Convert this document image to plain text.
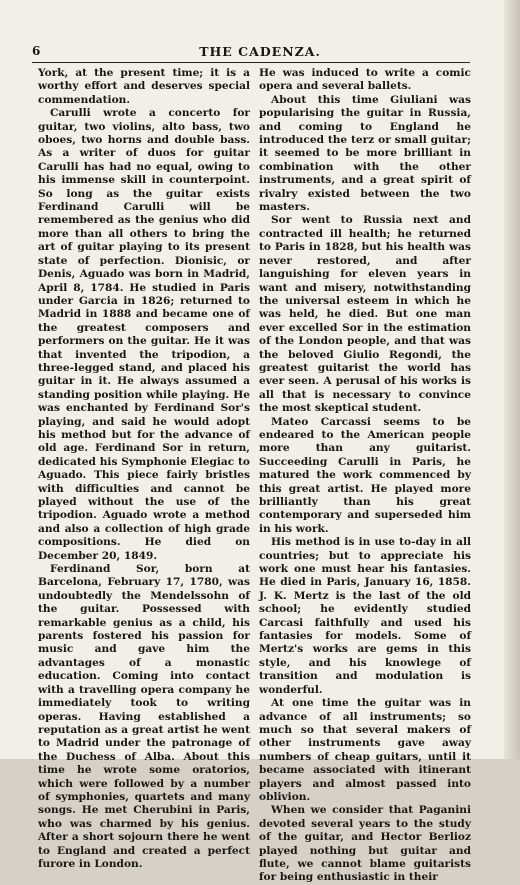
6	THE CADENZA.

York, at the present time; it is a worthy effort and deserves special commendation.

Carulli wrote a concerto for guitar, two violins, alto bass, two oboes, two horns and double bass. As a writer of duos for guitar Carulli has had no equal, owing to his immense skill in counterpoint. So long as the guitar exists Ferdinand Carulli will be remembered as the genius who did more than all others to bring the art of guitar playing to its present state of perfection. Dionisic, or Denis, Aguado was born in Madrid, April 8, 1784. He studied in Paris under Garcia in 1826; returned to Madrid in 1888 and became one of the greatest composers and performers on the guitar. He it was that invented the tripodion, a three-legged stand, and placed his guitar in it. He always assumed a standing position while playing. He was enchanted by Ferdinand Sor's playing, and said he would adopt his method but for the advance of old age. Ferdinand Sor in return, dedicated his Symphonie Elegiac to Aguado. This piece fairly bristles with difficulties and cannot be played without the use of the tripodion. Aguado wrote a method and also a collection of high grade compositions. He died on December 20, 1849.

Ferdinand Sor, born at Barcelona, February 17, 1780, was undoubtedly the Mendelssohn of the guitar. Possessed with remarkable genius as a child, his parents fostered his passion for music and gave him the advantages of a monastic education. Coming into contact with a travelling opera company he immediately took to writing operas. Having established a reputation as a great artist he went to Madrid under the patronage of the Duchess of Alba. About this time he wrote some oratorios, which were followed by a number of symphonies, quartets and many songs. He met Cherubini in Paris, who was charmed by his genius. After a short sojourn there he went to England and created a perfect furore in London.

He was induced to write a comic opera and several ballets.

About this time Giuliani was popularising the guitar in Russia, and coming to England he introduced the terz or small guitar; it seemed to be more brilliant in combination with the other instruments, and a great spirit of rivalry existed between the two masters.

Sor went to Russia next and contracted ill health; he returned to Paris in 1828, but his health was never restored, and after languishing for eleven years in want and misery, notwithstanding the universal esteem in which he was held, he died. But one man ever excelled Sor in the estimation of the London people, and that was the beloved Giulio Regondi, the greatest guitarist the world has ever seen. A perusal of his works is all that is necessary to convince the most skeptical student.

Mateo Carcassi seems to be endeared to the American people more than any guitarist. Succeeding Carulli in Paris, he matured the work commenced by this great artist. He played more brilliantly than his great contemporary and superseded him in his work.

His method is in use to-day in all countries; but to appreciate his work one must hear his fantasies. He died in Paris, January 16, 1858. J. K. Mertz is the last of the old school; he evidently studied Carcasi faithfully and used his fantasies for models. Some of Mertz's works are gems in this style, and his knowlege of transition and modulation is wonderful.

At one time the guitar was in advance of all instruments; so much so that several makers of other instruments gave away numbers of cheap guitars, until it became associated with itinerant players and almost passed into oblivion.

When we consider that Paganini devoted several years to the study of the guitar, and Hector Berlioz played nothing but guitar and flute, we cannot blame guitarists for being enthusiastic in their
